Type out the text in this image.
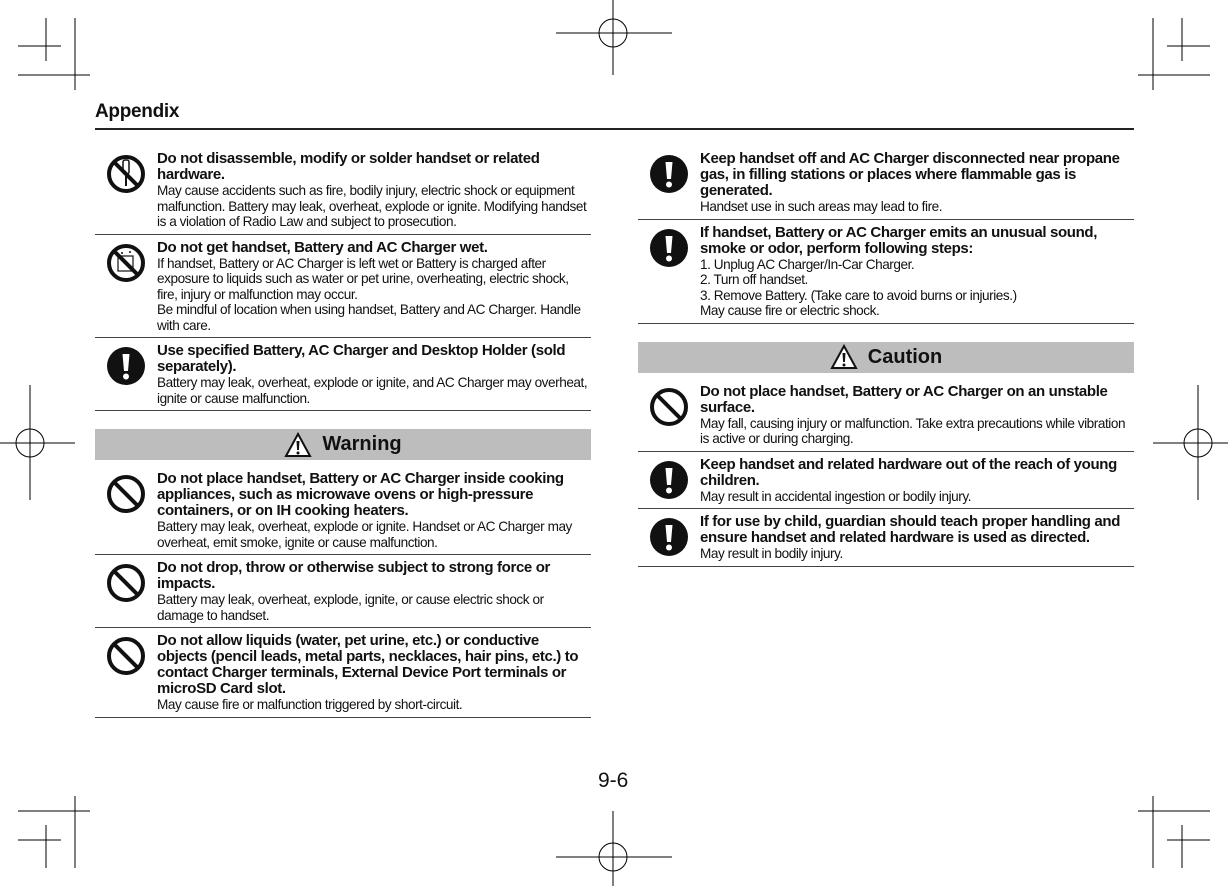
Appendix
Do not disassemble, modify or solder handset or related hardware.
May cause accidents such as fire, bodily injury, electric shock or equipment malfunction. Battery may leak, overheat, explode or ignite. Modifying handset is a violation of Radio Law and subject to prosecution.
Do not get handset, Battery and AC Charger wet.
If handset, Battery or AC Charger is left wet or Battery is charged after exposure to liquids such as water or pet urine, overheating, electric shock, fire, injury or malfunction may occur.
Be mindful of location when using handset, Battery and AC Charger. Handle with care.
Use specified Battery, AC Charger and Desktop Holder (sold separately).
Battery may leak, overheat, explode or ignite, and AC Charger may overheat, ignite or cause malfunction.
Warning
Do not place handset, Battery or AC Charger inside cooking appliances, such as microwave ovens or high-pressure containers, or on IH cooking heaters.
Battery may leak, overheat, explode or ignite. Handset or AC Charger may overheat, emit smoke, ignite or cause malfunction.
Do not drop, throw or otherwise subject to strong force or impacts.
Battery may leak, overheat, explode, ignite, or cause electric shock or damage to handset.
Do not allow liquids (water, pet urine, etc.) or conductive objects (pencil leads, metal parts, necklaces, hair pins, etc.) to contact Charger terminals, External Device Port terminals or microSD Card slot.
May cause fire or malfunction triggered by short-circuit.
Keep handset off and AC Charger disconnected near propane gas, in filling stations or places where flammable gas is generated.
Handset use in such areas may lead to fire.
If handset, Battery or AC Charger emits an unusual sound, smoke or odor, perform following steps:
1. Unplug AC Charger/In-Car Charger.
2. Turn off handset.
3. Remove Battery. (Take care to avoid burns or injuries.)
May cause fire or electric shock.
Caution
Do not place handset, Battery or AC Charger on an unstable surface.
May fall, causing injury or malfunction. Take extra precautions while vibration is active or during charging.
Keep handset and related hardware out of the reach of young children.
May result in accidental ingestion or bodily injury.
If for use by child, guardian should teach proper handling and ensure handset and related hardware is used as directed.
May result in bodily injury.
9-6
